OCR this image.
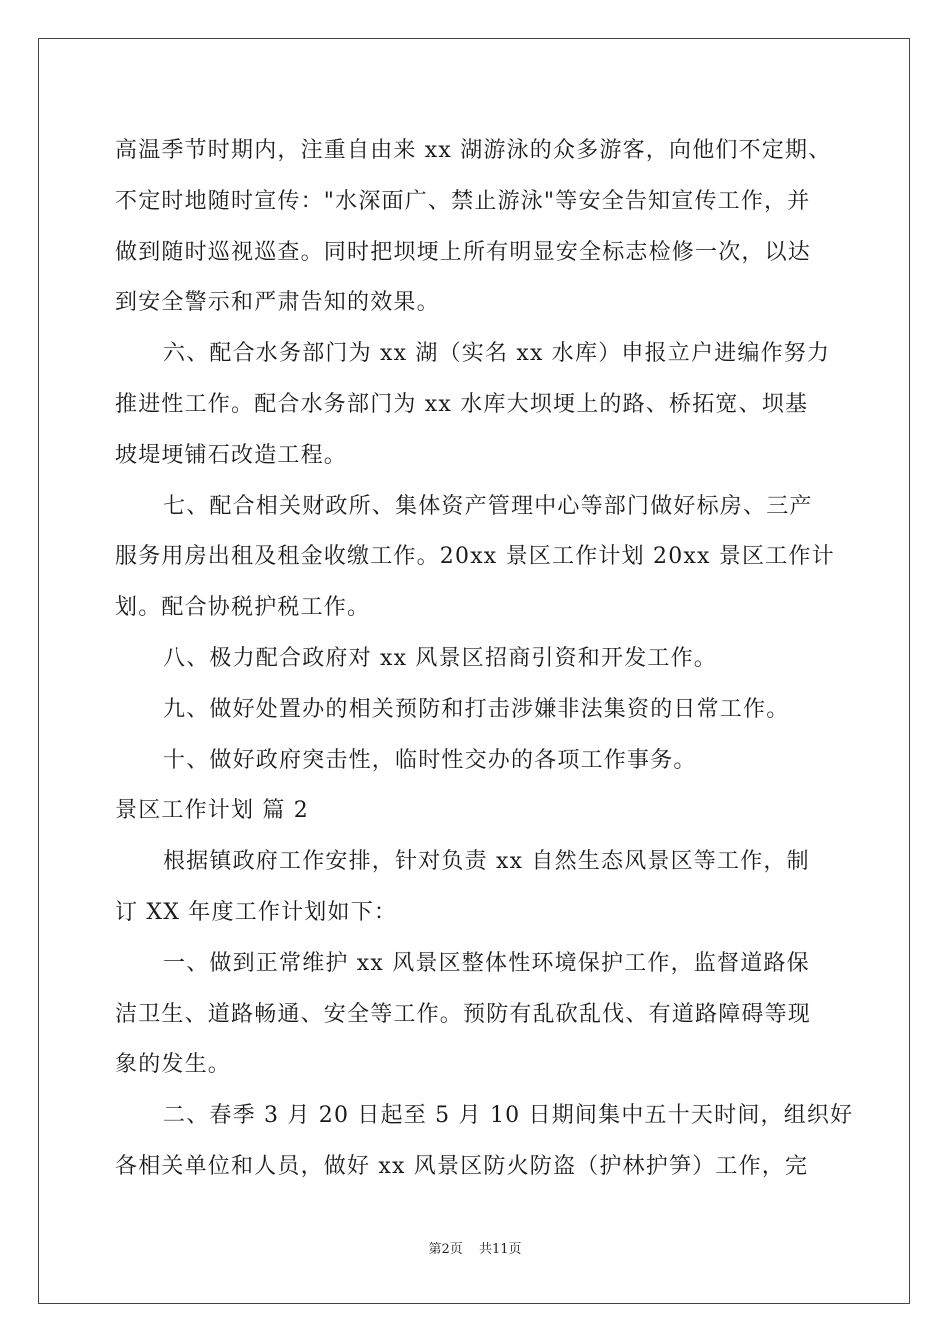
高温季节时期内，注重自由来 xx 湖游泳的众多游客，向他们不定期、
不定时地随时宣传："水深面广、禁止游泳"等安全告知宣传工作，并
做到随时巡视巡查。同时把坝埂上所有明显安全标志检修一次，以达
到安全警示和严肃告知的效果。
六、配合水务部门为 xx 湖（实名 xx 水库）申报立户进编作努力
推进性工作。配合水务部门为 xx 水库大坝埂上的路、桥拓宽、坝基
坡堤埂铺石改造工程。
七、配合相关财政所、集体资产管理中心等部门做好标房、三产
服务用房出租及租金收缴工作。20xx 景区工作计划 20xx 景区工作计
划。配合协税护税工作。
八、极力配合政府对 xx 风景区招商引资和开发工作。
九、做好处置办的相关预防和打击涉嫌非法集资的日常工作。
十、做好政府突击性，临时性交办的各项工作事务。
景区工作计划 篇 2
根据镇政府工作安排，针对负责 xx 自然生态风景区等工作，制
订 XX 年度工作计划如下：
一、做到正常维护 xx 风景区整体性环境保护工作，监督道路保
洁卫生、道路畅通、安全等工作。预防有乱砍乱伐、有道路障碍等现
象的发生。
二、春季 3 月 20 日起至 5 月 10 日期间集中五十天时间，组织好
各相关单位和人员，做好 xx 风景区防火防盗（护林护笋）工作，完
第2页 共11页
